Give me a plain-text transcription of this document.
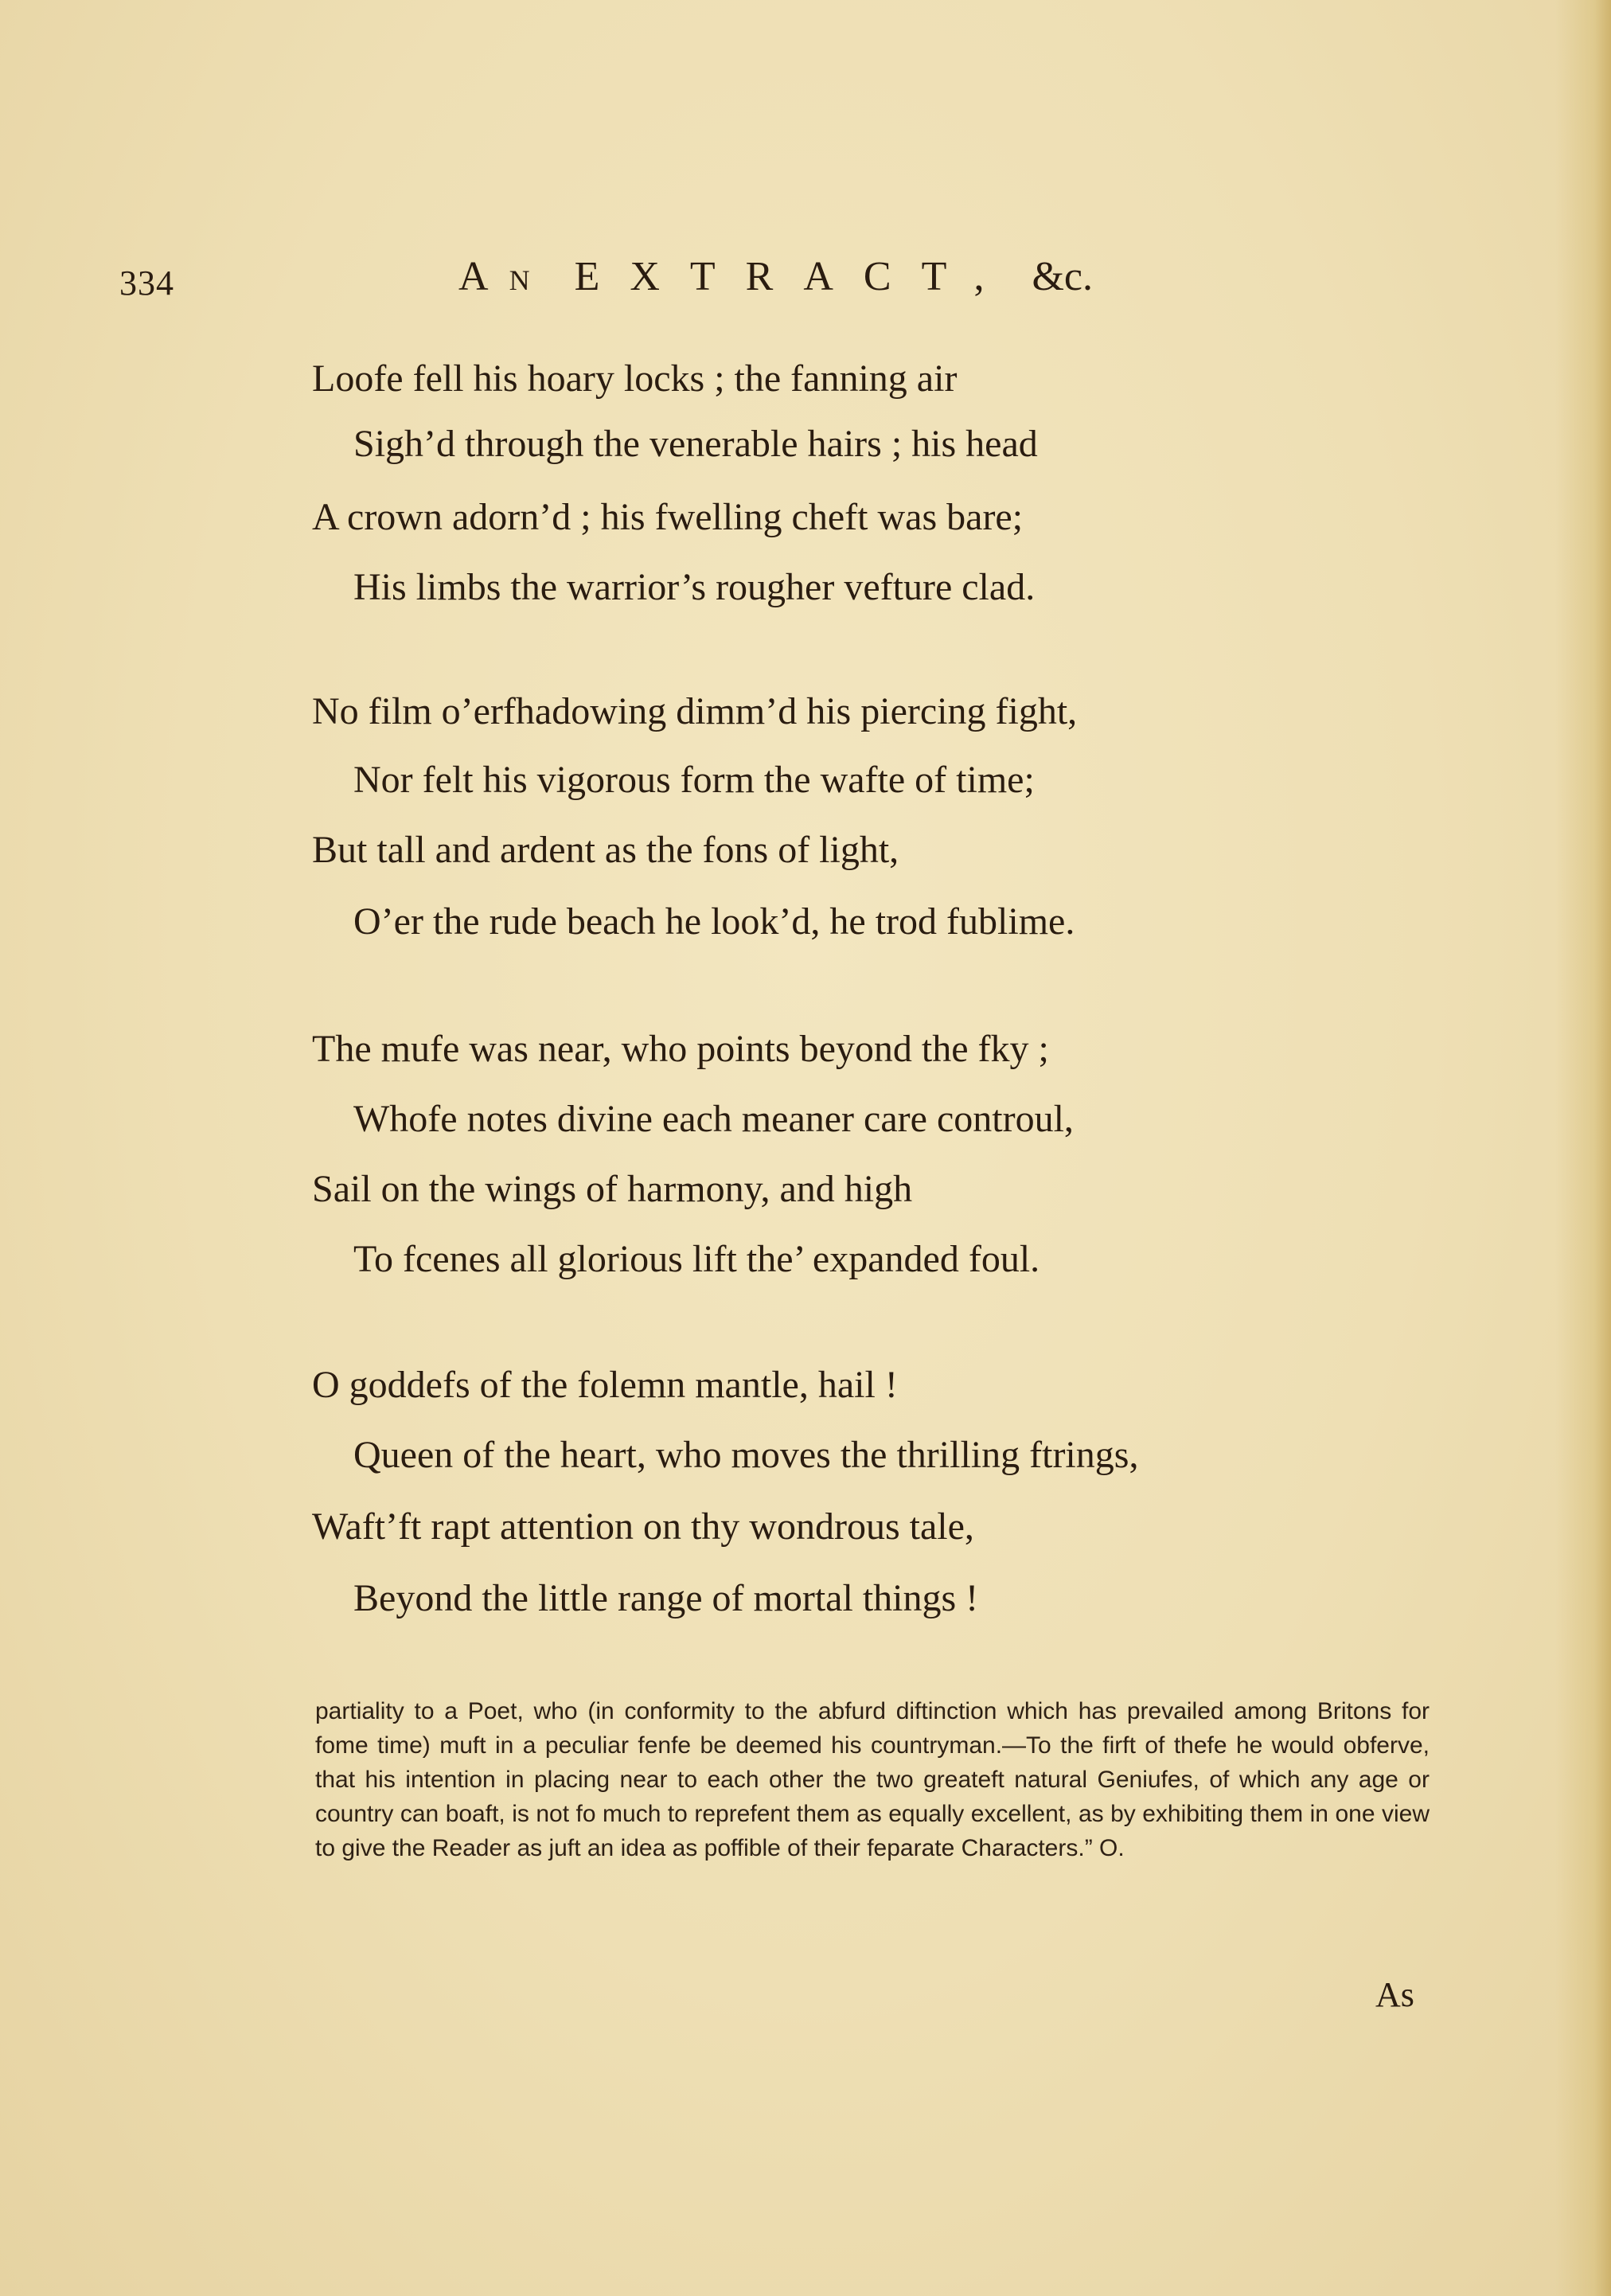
334	A N EXTRACT, &c.
Loofe fell his hoary locks ; the fanning air
Sigh’d through the venerable hairs ; his head
A crown adorn’d ; his fwelling cheft was bare;
His limbs the warrior’s rougher vefture clad.
No film o’erfhadowing dimm’d his piercing fight,
Nor felt his vigorous form the wafte of time;
But tall and ardent as the fons of light,
O’er the rude beach he look’d, he trod fublime.
The mufe was near, who points beyond the fky ;
Whofe notes divine each meaner care controul,
Sail on the wings of harmony, and high
To fcenes all glorious lift the’ expanded foul.
O goddefs of the folemn mantle, hail !
Queen of the heart, who moves the thrilling ftrings,
Waft’ft rapt attention on thy wondrous tale,
Beyond the little range of mortal things !
partiality to a Poet, who (in conformity to the abfurd diftinction which has prevailed among Britons for fome time) muft in a peculiar fenfe be deemed his countryman.—To the firft of thefe he would obferve, that his intention in placing near to each other the two greateft natural Geniufes, of which any age or country can boaft, is not fo much to reprefent them as equally excellent, as by exhibiting them in one view to give the Reader as juft an idea as poffible of their feparate Characters.” O.
As
